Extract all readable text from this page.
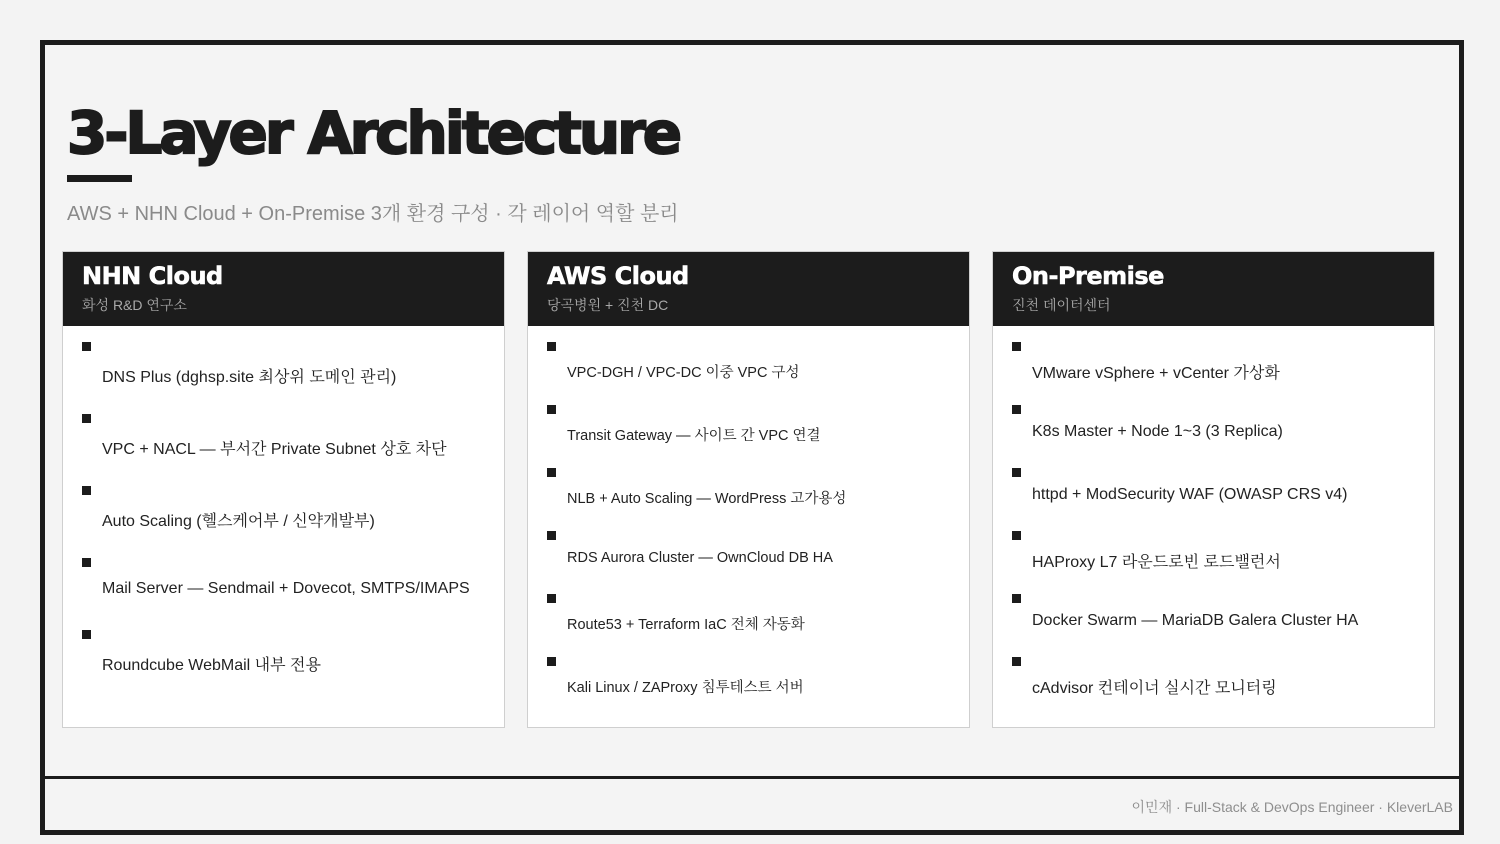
3-Layer Architecture
AWS + NHN Cloud + On-Premise 3개 환경 구성 · 각 레이어 역할 분리
NHN Cloud
화성 R&D 연구소
DNS Plus (dghsp.site 최상위 도메인 관리)
VPC + NACL — 부서간 Private Subnet 상호 차단
Auto Scaling (헬스케어부 / 신약개발부)
Mail Server — Sendmail + Dovecot, SMTPS/IMAPS
Roundcube WebMail 내부 전용
AWS Cloud
당곡병원 + 진천 DC
VPC-DGH / VPC-DC 이중 VPC 구성
Transit Gateway — 사이트 간 VPC 연결
NLB + Auto Scaling — WordPress 고가용성
RDS Aurora Cluster — OwnCloud DB HA
Route53 + Terraform IaC 전체 자동화
Kali Linux / ZAProxy 침투테스트 서버
On-Premise
진천 데이터센터
VMware vSphere + vCenter 가상화
K8s Master + Node 1~3 (3 Replica)
httpd + ModSecurity WAF (OWASP CRS v4)
HAProxy L7 라운드로빈 로드밸런서
Docker Swarm — MariaDB Galera Cluster HA
cAdvisor 컨테이너 실시간 모니터링
이민재 · Full-Stack & DevOps Engineer · KleverLAB
